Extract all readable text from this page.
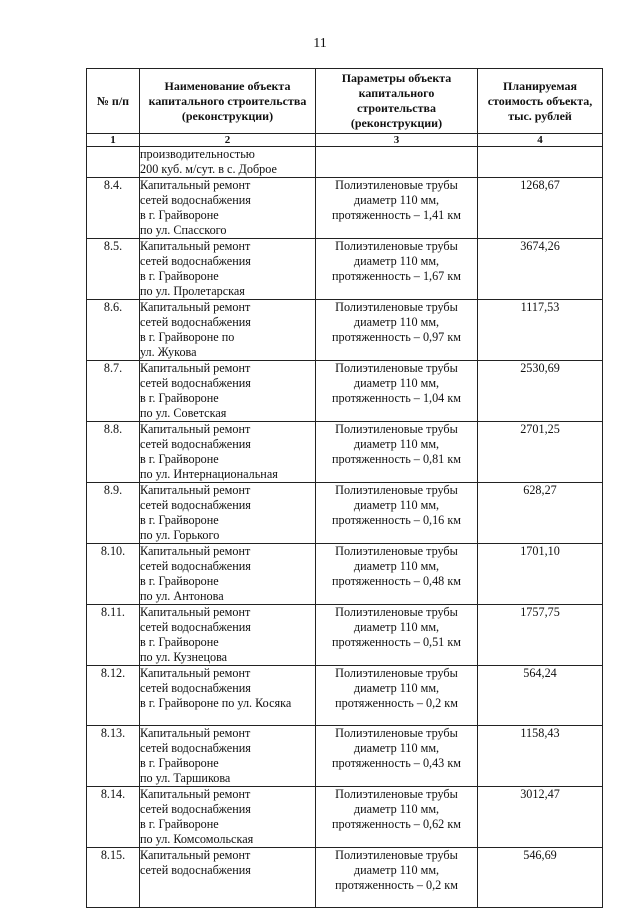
11
№ п/п	Наименование объекта капитального строительства (реконструкции)	Параметры объекта капитального строительства (реконструкции)	Планируемая стоимость объекта, тыс. рублей
1	2	3	4
	производительностью
200 куб. м/сут. в с. Доброе		
8.4.	Капитальный ремонт
сетей водоснабжения
в г. Грайвороне
по ул. Спасского	Полиэтиленовые трубы
диаметр 110 мм,
протяженность – 1,41 км	1268,67
8.5.	Капитальный ремонт
сетей водоснабжения
в г. Грайвороне
по ул. Пролетарская	Полиэтиленовые трубы
диаметр 110 мм,
протяженность – 1,67 км	3674,26
8.6.	Капитальный ремонт
сетей водоснабжения
в г. Грайвороне по
ул. Жукова	Полиэтиленовые трубы
диаметр 110 мм,
протяженность – 0,97 км	1117,53
8.7.	Капитальный ремонт
сетей водоснабжения
в г. Грайвороне
по ул. Советская	Полиэтиленовые трубы
диаметр 110 мм,
протяженность – 1,04 км	2530,69
8.8.	Капитальный ремонт
сетей водоснабжения
в г. Грайвороне
по ул. Интернациональная	Полиэтиленовые трубы
диаметр 110 мм,
протяженность – 0,81 км	2701,25
8.9.	Капитальный ремонт
сетей водоснабжения
в г. Грайвороне
по ул. Горького	Полиэтиленовые трубы
диаметр 110 мм,
протяженность – 0,16 км	628,27
8.10.	Капитальный ремонт
сетей водоснабжения
в г. Грайвороне
по ул. Антонова	Полиэтиленовые трубы
диаметр 110 мм,
протяженность – 0,48 км	1701,10
8.11.	Капитальный ремонт
сетей водоснабжения
в г. Грайвороне
по ул. Кузнецова	Полиэтиленовые трубы
диаметр 110 мм,
протяженность – 0,51 км	1757,75
8.12.	Капитальный ремонт
сетей водоснабжения
в г. Грайвороне по ул. Косяка	Полиэтиленовые трубы
диаметр 110 мм,
протяженность – 0,2 км	564,24
8.13.	Капитальный ремонт
сетей водоснабжения
в г. Грайвороне
по ул. Таршикова	Полиэтиленовые трубы
диаметр 110 мм,
протяженность – 0,43 км	1158,43
8.14.	Капитальный ремонт
сетей водоснабжения
в г. Грайвороне
по ул. Комсомольская	Полиэтиленовые трубы
диаметр 110 мм,
протяженность – 0,62 км	3012,47
8.15.	Капитальный ремонт
сетей водоснабжения	Полиэтиленовые трубы
диаметр 110 мм,
протяженность – 0,2 км	546,69
